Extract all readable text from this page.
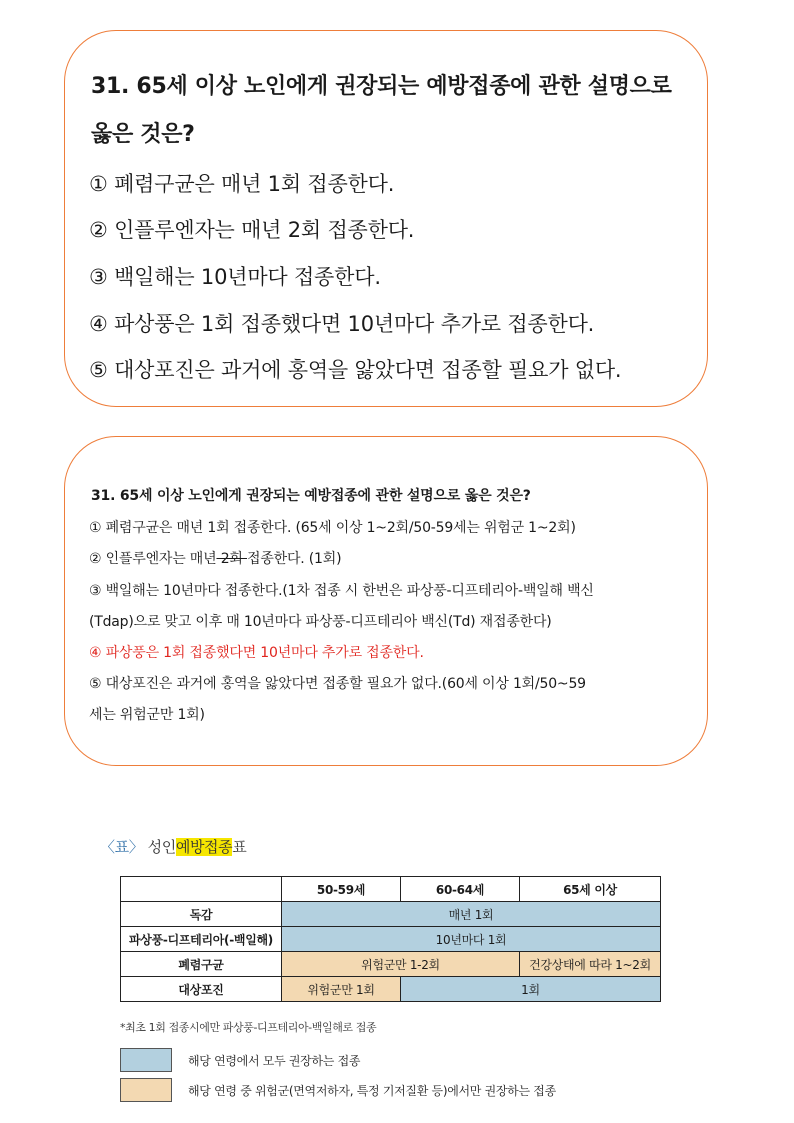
31. 65세 이상 노인에게 권장되는 예방접종에 관한 설명으로
옳은 것은?
① 폐렴구균은 매년 1회 접종한다.
② 인플루엔자는 매년 2회 접종한다.
③ 백일해는 10년마다 접종한다.
④ 파상풍은 1회 접종했다면 10년마다 추가로 접종한다.
⑤ 대상포진은 과거에 홍역을 앓았다면 접종할 필요가 없다.
31. 65세 이상 노인에게 권장되는 예방접종에 관한 설명으로 옳은 것은?
① 폐렴구균은 매년 1회 접종한다. (65세 이상 1~2회/50-59세는 위험군 1~2회)
② 인플루엔자는 매년 2회 접종한다. (1회)
③ 백일해는 10년마다 접종한다.(1차 접종 시 한번은 파상풍-디프테리아-백일해 백신
(Tdap)으로 맞고 이후 매 10년마다 파상풍-디프테리아 백신(Td) 재접종한다)
④ 파상풍은 1회 접종했다면 10년마다 추가로 접종한다.
⑤ 대상포진은 과거에 홍역을 앓았다면 접종할 필요가 없다.(60세 이상 1회/50~59
세는 위험군만 1회)
〈표〉 성인예방접종표
	50-59세	60-64세	65세 이상
독감	매년 1회		
파상풍-디프테리아(-백일해)	10년마다 1회		
폐렴구균	위험군만 1-2회		건강상태에 따라 1~2회
대상포진	위험군만 1회	1회	
*최초 1회 접종시에만 파상풍-디프테리아-백일해로 접종
해당 연령에서 모두 권장하는 접종
해당 연령 중 위험군(면역저하자, 특정 기저질환 등)에서만 권장하는 접종
